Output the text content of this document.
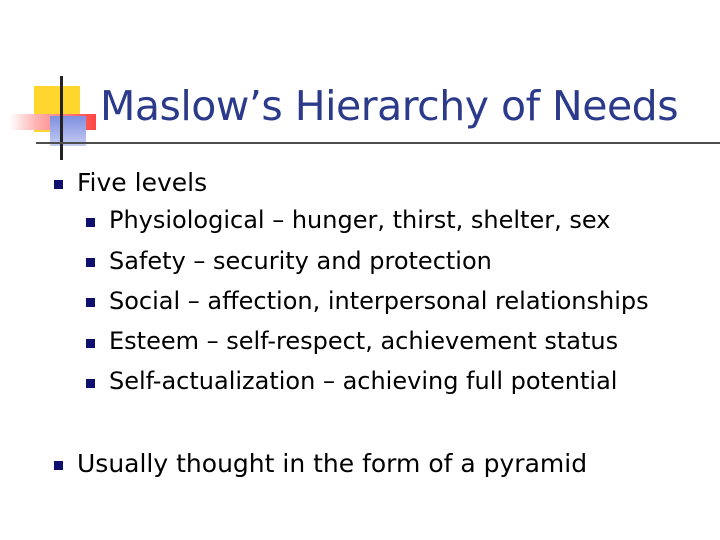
Maslow’s Hierarchy of Needs
Five levels
Physiological – hunger, thirst, shelter, sex
Safety – security and protection
Social – affection, interpersonal relationships
Esteem – self-respect, achievement status
Self-actualization – achieving full potential
Usually thought in the form of a pyramid
